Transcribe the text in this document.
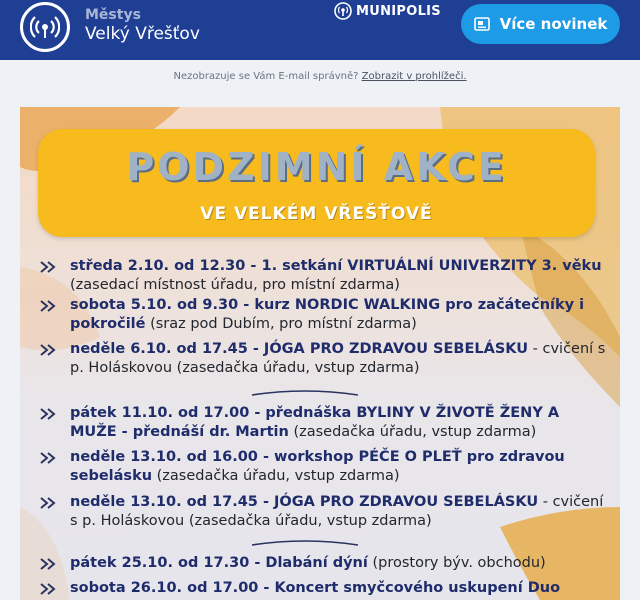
Městys
Velký Vřešťov
MUNIPOLIS
Více novinek
Nezobrazuje se Vám E-mail správně? Zobrazit v prohlížeči.
PODZIMNÍ AKCE
VE VELKÉM VŘEŠŤOVĚ
středa 2.10. od 12.30 - 1. setkání VIRTUÁLNÍ UNIVERZITY 3. věku
(zasedací místnost úřadu, pro místní zdarma)
sobota 5.10. od 9.30 - kurz NORDIC WALKING pro začátečníky i pokročilé (sraz pod Dubím, pro místní zdarma)
neděle 6.10. od 17.45 - JÓGA PRO ZDRAVOU SEBELÁSKU - cvičení s p. Holáskovou (zasedačka úřadu, vstup zdarma)
pátek 11.10. od 17.00 - přednáška BYLINY V ŽIVOTĚ ŽENY A MUŽE - přednáší dr. Martin (zasedačka úřadu, vstup zdarma)
neděle 13.10. od 16.00 - workshop PÉČE O PLEŤ pro zdravou sebelásku (zasedačka úřadu, vstup zdarma)
neděle 13.10. od 17.45 - JÓGA PRO ZDRAVOU SEBELÁSKU - cvičení s p. Holáskovou (zasedačka úřadu, vstup zdarma)
pátek 25.10. od 17.30 - Dlabání dýní (prostory býv. obchodu)
sobota 26.10. od 17.00 - Koncert smyčcového uskupení Duo
